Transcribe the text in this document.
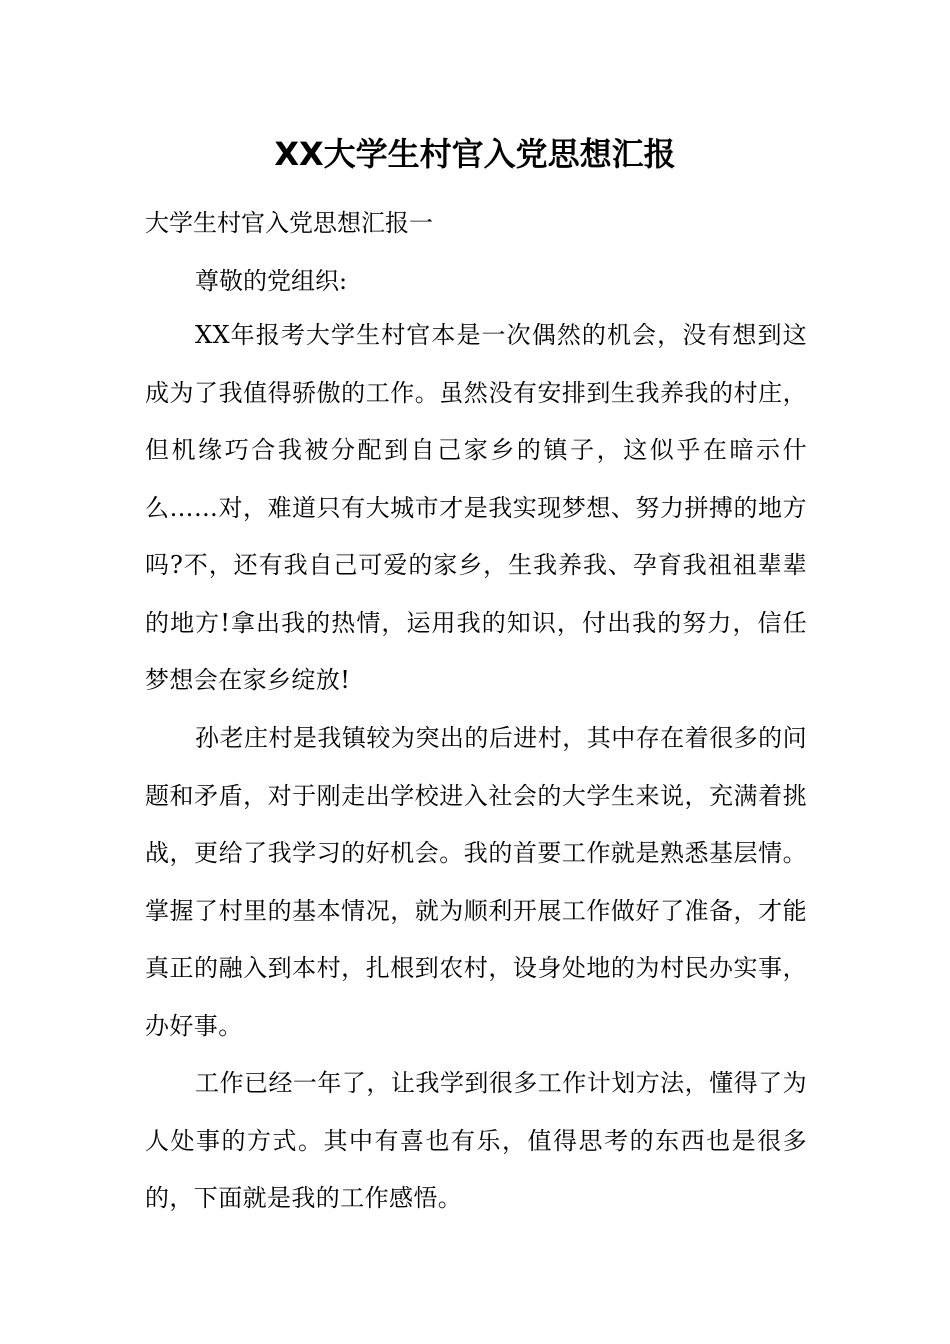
XX大学生村官入党思想汇报
大学生村官入党思想汇报一
尊敬的党组织:

XX年报考大学生村官本是一次偶然的机会，没有想到这成为了我值得骄傲的工作。虽然没有安排到生我养我的村庄，但机缘巧合我被分配到自己家乡的镇子，这似乎在暗示什么……对，难道只有大城市才是我实现梦想、努力拼搏的地方吗?不，还有我自己可爱的家乡，生我养我、孕育我祖祖辈辈的地方!拿出我的热情，运用我的知识，付出我的努力，信任梦想会在家乡绽放!

孙老庄村是我镇较为突出的后进村，其中存在着很多的问题和矛盾，对于刚走出学校进入社会的大学生来说，充满着挑战，更给了我学习的好机会。我的首要工作就是熟悉基层情。掌握了村里的基本情况，就为顺利开展工作做好了准备，才能真正的融入到本村，扎根到农村，设身处地的为村民办实事，办好事。

工作已经一年了，让我学到很多工作计划方法，懂得了为人处事的方式。其中有喜也有乐，值得思考的东西也是很多的，下面就是我的工作感悟。
